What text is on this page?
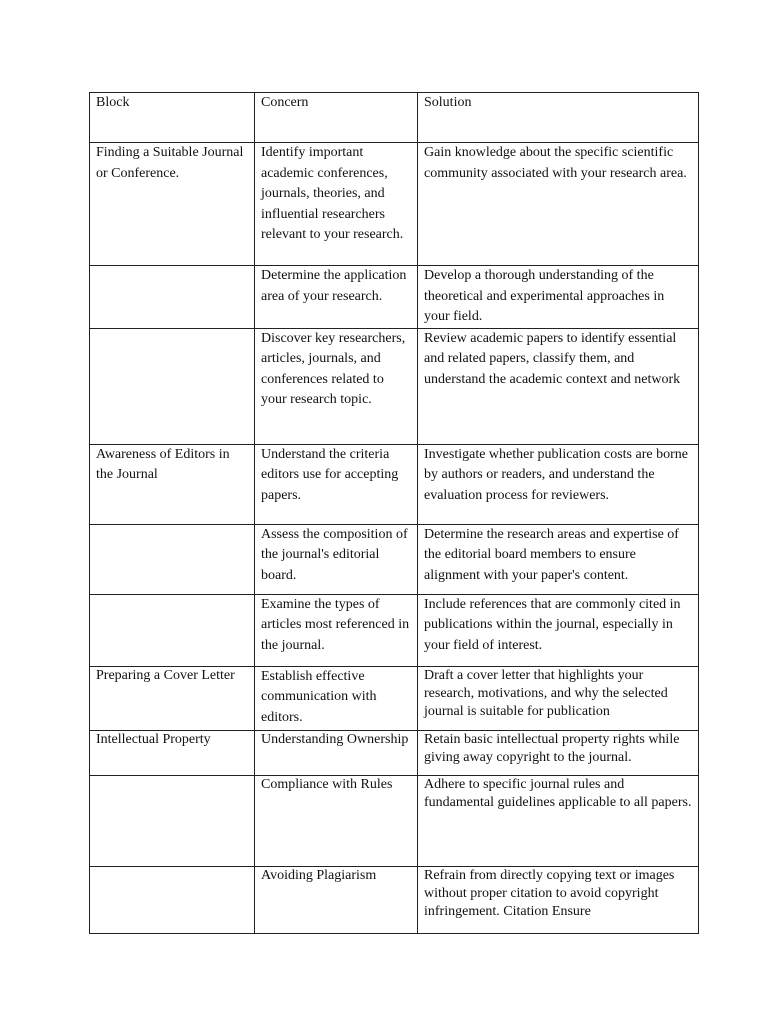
Block	Concern	Solution
Finding a Suitable Journal or Conference.	Identify important academic conferences, journals, theories, and influential researchers relevant to your research.	Gain knowledge about the specific scientific community associated with your research area.
	Determine the application area of your research.	Develop a thorough understanding of the theoretical and experimental approaches in your field.
	Discover key researchers, articles, journals, and conferences related to your research topic.	Review academic papers to identify essential and related papers, classify them, and understand the academic context and network
Awareness of Editors in the Journal	Understand the criteria editors use for accepting papers.	Investigate whether publication costs are borne by authors or readers, and understand the evaluation process for reviewers.
	Assess the composition of the journal's editorial board.	Determine the research areas and expertise of the editorial board members to ensure alignment with your paper's content.
	Examine the types of articles most referenced in the journal.	Include references that are commonly cited in publications within the journal, especially in your field of interest.
Preparing a Cover Letter	Establish effective communication with editors.	Draft a cover letter that highlights your research, motivations, and why the selected journal is suitable for publication
Intellectual Property	Understanding Ownership	Retain basic intellectual property rights while giving away copyright to the journal.
	Compliance with Rules	Adhere to specific journal rules and fundamental guidelines applicable to all papers.
	Avoiding Plagiarism	Refrain from directly copying text or images without proper citation to avoid copyright infringement. Citation Ensure
